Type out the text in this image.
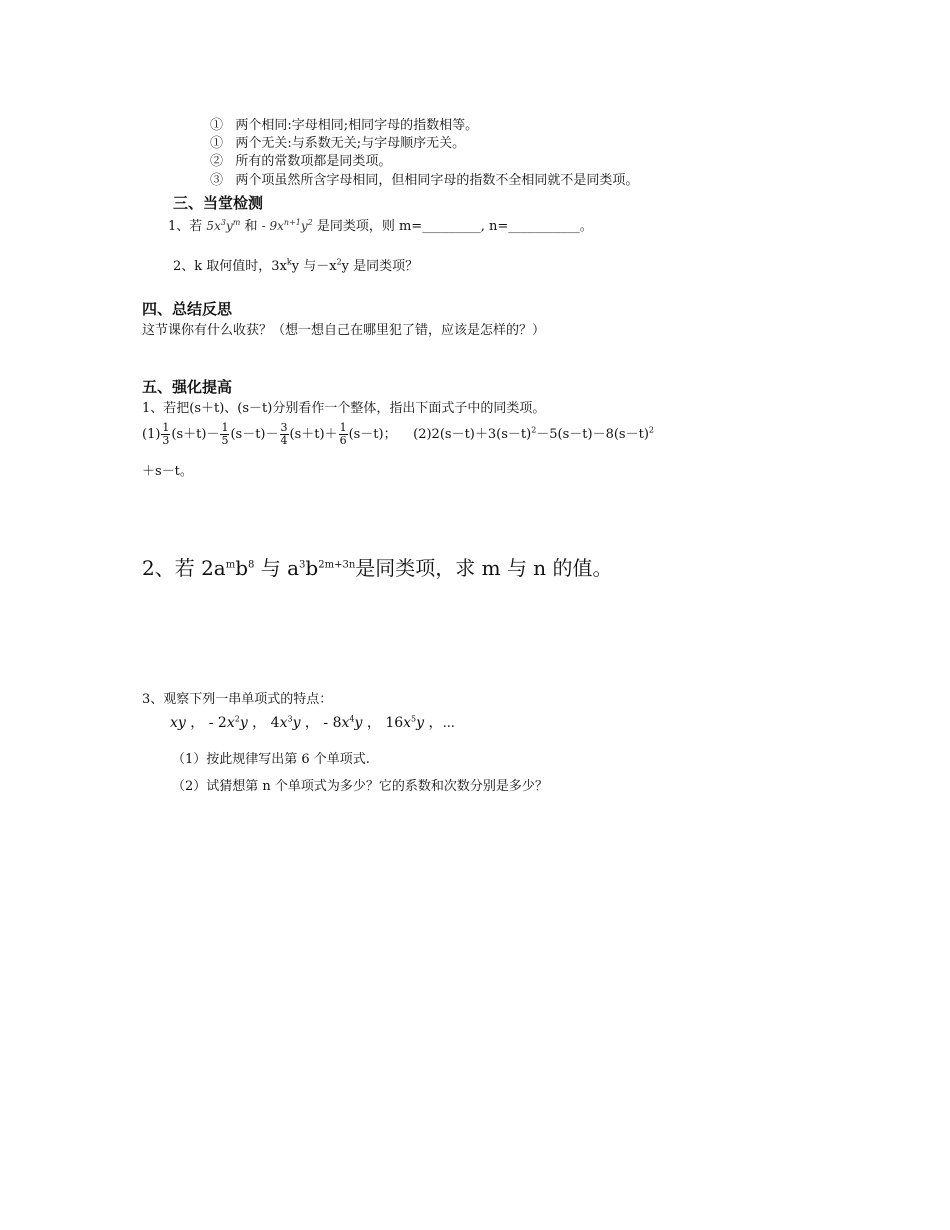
① 两个相同:字母相同;相同字母的指数相等。
① 两个无关:与系数无关;与字母顺序无关。
② 所有的常数项都是同类项。
③ 两个项虽然所含字母相同，但相同字母的指数不全相同就不是同类项。
三、当堂检测
1、若 $5x^3y^m$ 和 - $9x^{n+1}y^2$ 是同类项，则 m=_________, n=___________。
2、k 取何值时，$3x^ky$ 与$-x^2y$ 是同类项？
四、总结反思
这节课你有什么收获？（想一想自己在哪里犯了错，应该是怎样的？）
五、强化提高
1、若把(s＋t)、(s－t)分别看作一个整体，指出下面式子中的同类项。
$(1) \frac{1}{3} (s+t)- \frac{1}{5} (s-t)- \frac{3}{4} (s+t)+ \frac{1}{6} (s-t)$； $(2)2(s-t)+3(s-t)^2-5(s-t)-8(s-t)^2$
＋s－t。
2、若 $2a^mb^8$ 与 $a^3b^{2m+3n}$是同类项，求 m 与 n 的值。
3、观察下列一串单项式的特点：
xy ， - $2x^2y$ ， $4x^3y$ ， - $8x^4y$ ， $16x^5y$ ，⋯
（1）按此规律写出第 6 个单项式.
（2）试猜想第 n 个单项式为多少？它的系数和次数分别是多少？
